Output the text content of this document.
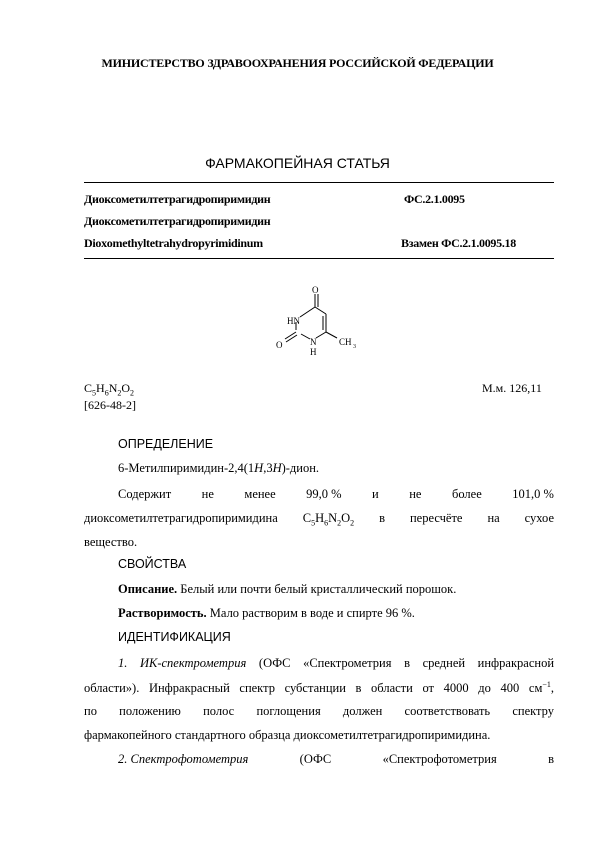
МИНИСТЕРСТВО ЗДРАВООХРАНЕНИЯ РОССИЙСКОЙ ФЕДЕРАЦИИ
ФАРМАКОПЕЙНАЯ СТАТЬЯ
Диоксометилтетрагидропиримидин	ФС.2.1.0095
Диоксометилтетрагидропиримидин
Dioxomethyltetrahydropyrimidinum	Взамен ФС.2.1.0095.18
O
HN
O	N
H
CH 3
$C_5H_6N_2O_2$	М.м. 126,11
[626-48-2]
ОПРЕДЕЛЕНИЕ
6-Метилпиримидин-2,4(1H,3H)-дион.
Содержит не менее 99,0 % и не более 101,0 %
диоксометилтетрагидропиримидина $C_5H_6N_2O_2$ в пересчёте на сухое
вещество.
СВОЙСТВА
Описание. Белый или почти белый кристаллический порошок.
Растворимость. Мало растворим в воде и спирте 96 %.
ИДЕНТИФИКАЦИЯ
1. ИК-спектрометрия (ОФС «Спектрометрия в средней инфракрасной
области»). Инфракрасный спектр субстанции в области от 4000 до 400 $см^{-1}$,
по положению полос поглощения должен соответствовать спектру
фармакопейного стандартного образца диоксометилтетрагидропиримидина.
2. Спектрофотометрия	(ОФС	«Спектрофотометрия	в
